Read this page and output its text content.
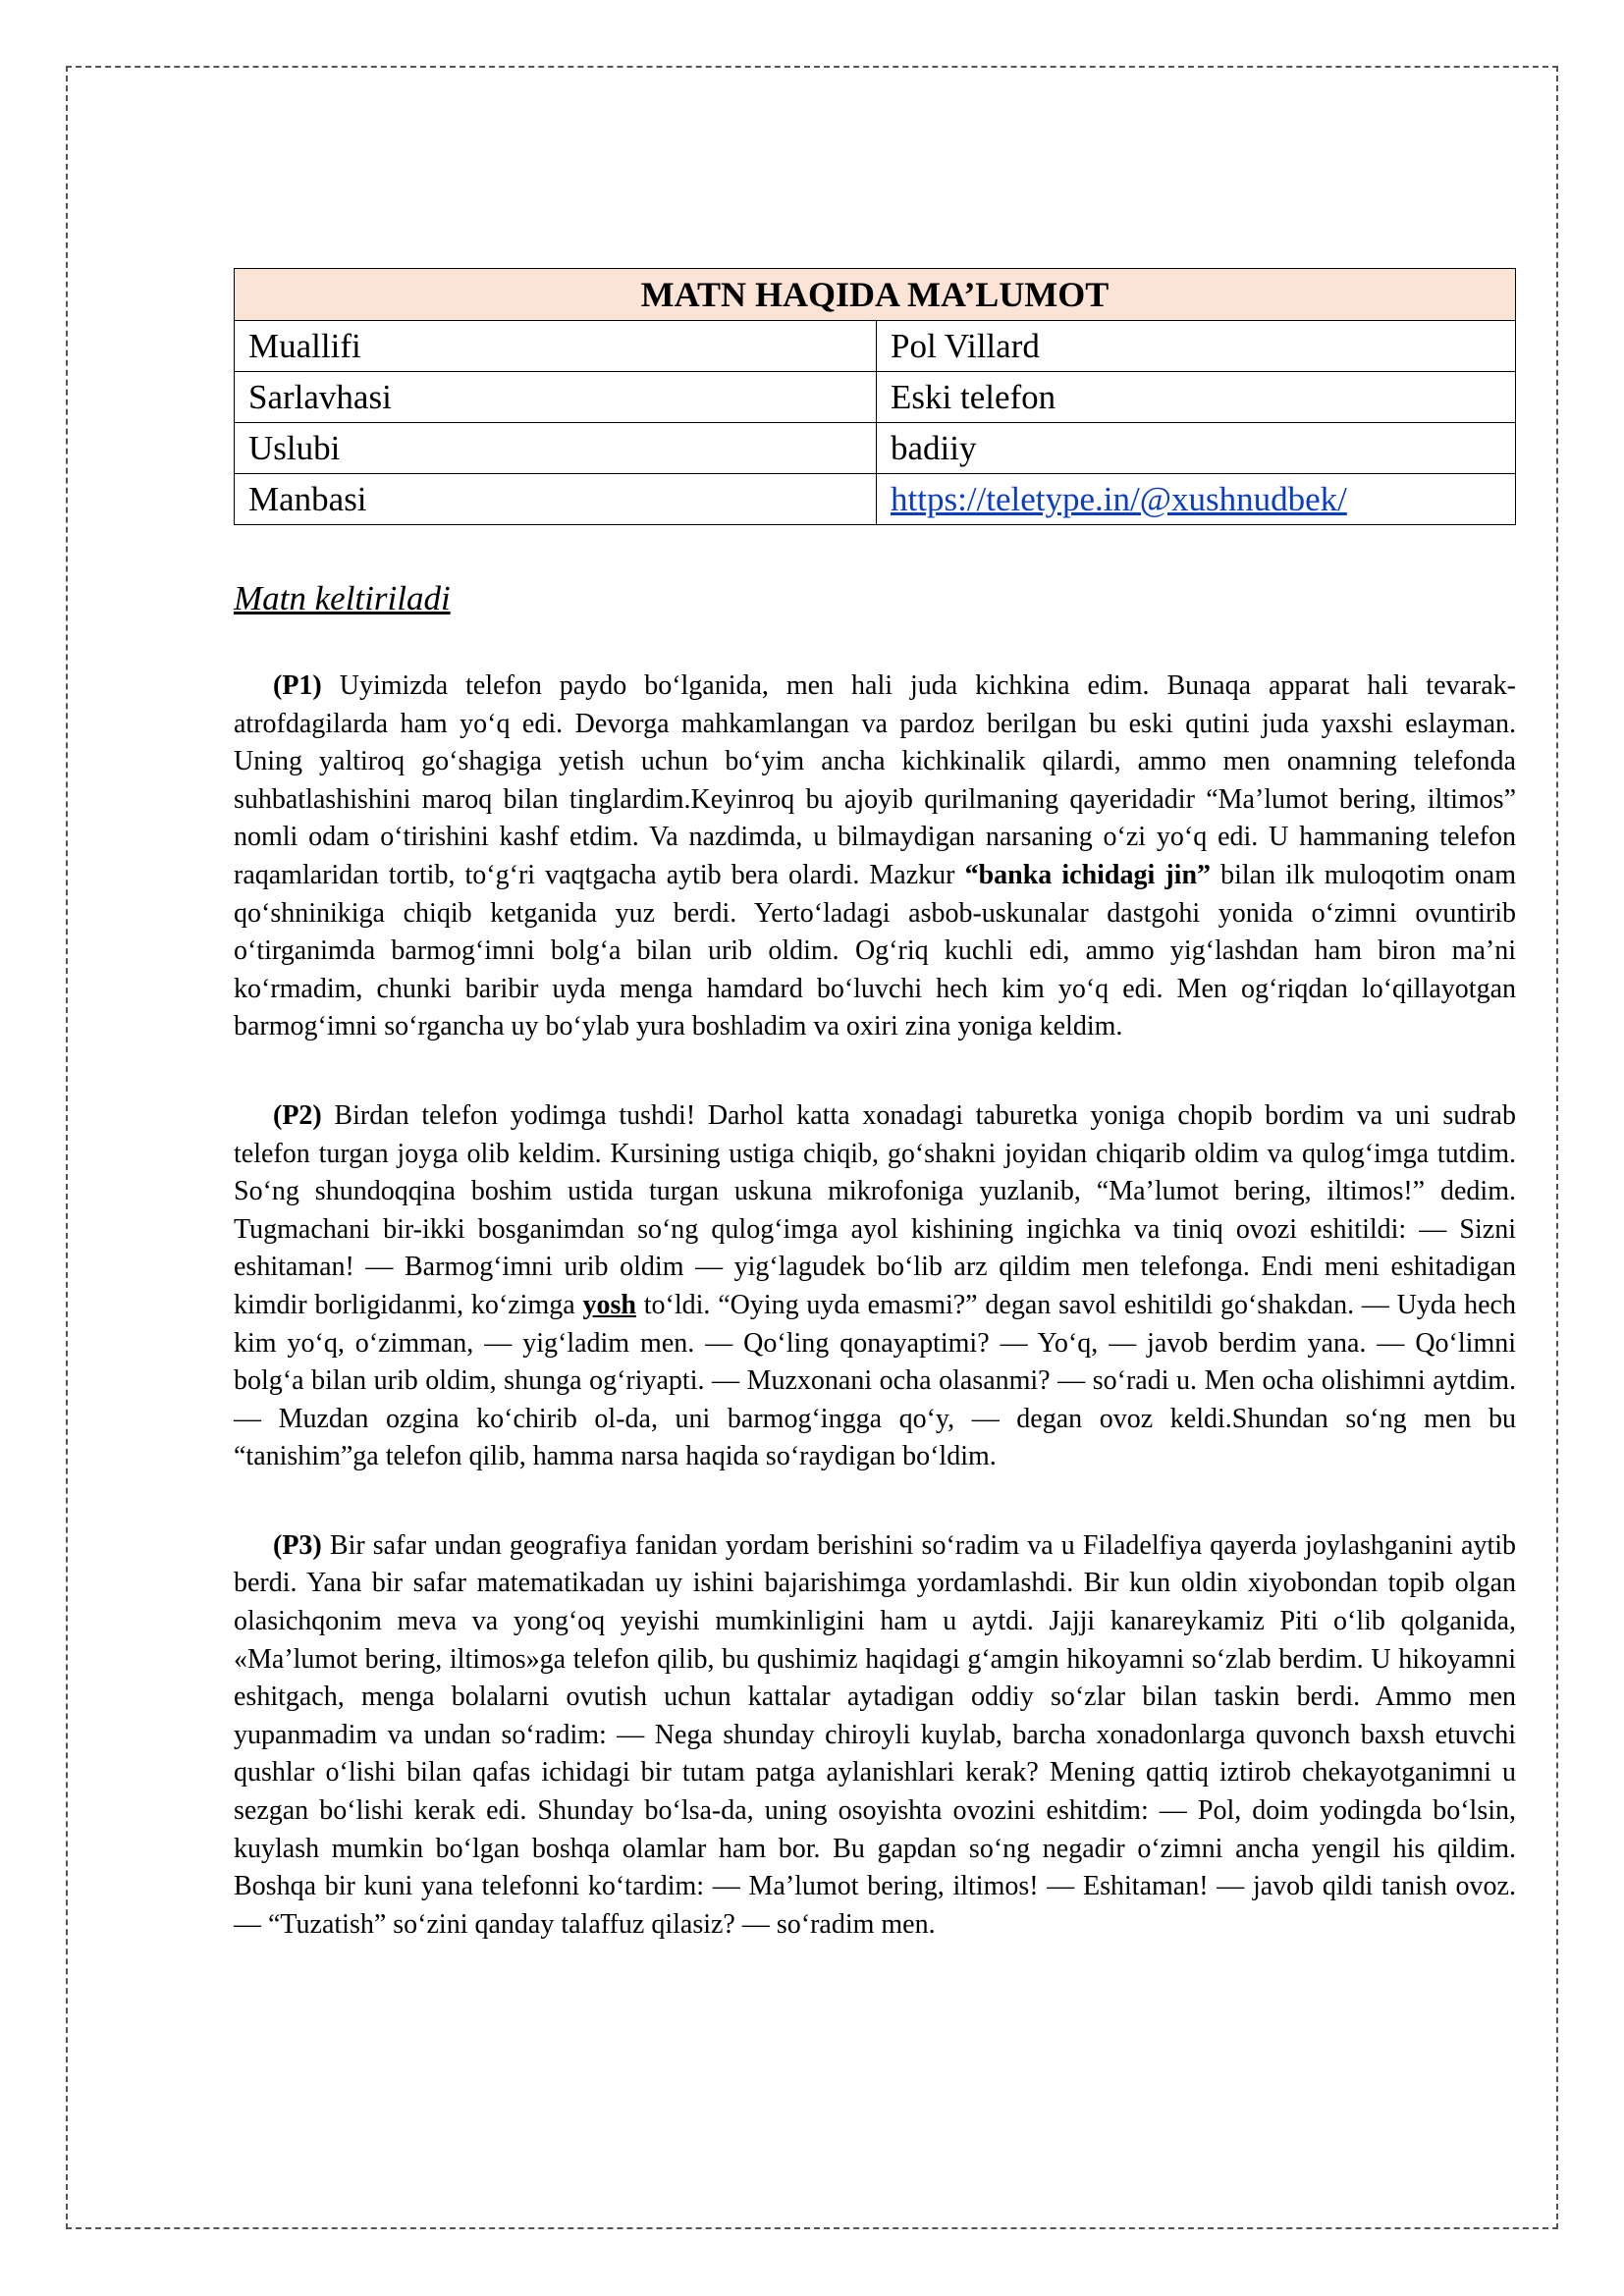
MATN HAQIDA MA’LUMOT	
Muallifi	Pol Villard
Sarlavhasi	Eski telefon
Uslubi	badiiy
Manbasi	https://teletype.in/@xushnudbek/
Matn keltiriladi

(P1) Uyimizda telefon paydo bo‘lganida, men hali juda kichkina edim. Bunaqa apparat hali tevarak-atrofdagilarda ham yo‘q edi. Devorga mahkamlangan va pardoz berilgan bu eski qutini juda yaxshi eslayman. Uning yaltiroq go‘shagiga yetish uchun bo‘yim ancha kichkinalik qilardi, ammo men onamning telefonda suhbatlashishini maroq bilan tinglardim.Keyinroq bu ajoyib qurilmaning qayeridadir “Ma’lumot bering, iltimos” nomli odam o‘tirishini kashf etdim. Va nazdimda, u bilmaydigan narsaning o‘zi yo‘q edi. U hammaning telefon raqamlaridan tortib, to‘g‘ri vaqtgacha aytib bera olardi. Mazkur “banka ichidagi jin” bilan ilk muloqotim onam qo‘shninikiga chiqib ketganida yuz berdi. Yerto‘ladagi asbob-uskunalar dastgohi yonida o‘zimni ovuntirib o‘tirganimda barmog‘imni bolg‘a bilan urib oldim. Og‘riq kuchli edi, ammo yig‘lashdan ham biron ma’ni ko‘rmadim, chunki baribir uyda menga hamdard bo‘luvchi hech kim yo‘q edi. Men og‘riqdan lo‘qillayotgan barmog‘imni so‘rgancha uy bo‘ylab yura boshladim va oxiri zina yoniga keldim.

(P2) Birdan telefon yodimga tushdi! Darhol katta xonadagi taburetka yoniga chopib bordim va uni sudrab telefon turgan joyga olib keldim. Kursining ustiga chiqib, go‘shakni joyidan chiqarib oldim va qulog‘imga tutdim. So‘ng shundoqqina boshim ustida turgan uskuna mikrofoniga yuzlanib, “Ma’lumot bering, iltimos!” dedim. Tugmachani bir-ikki bosganimdan so‘ng qulog‘imga ayol kishining ingichka va tiniq ovozi eshitildi: — Sizni eshitaman! — Barmog‘imni urib oldim — yig‘lagudek bo‘lib arz qildim men telefonga. Endi meni eshitadigan kimdir borligidanmi, ko‘zimga yosh to‘ldi. “Oying uyda emasmi?” degan savol eshitildi go‘shakdan. — Uyda hech kim yo‘q, o‘zimman, — yig‘ladim men. — Qo‘ling qonayaptimi? — Yo‘q, — javob berdim yana. — Qo‘limni bolg‘a bilan urib oldim, shunga og‘riyapti. — Muzxonani ocha olasanmi? — so‘radi u. Men ocha olishimni aytdim.— Muzdan ozgina ko‘chirib ol-da, uni barmog‘ingga qo‘y, — degan ovoz keldi.Shundan so‘ng men bu “tanishim”ga telefon qilib, hamma narsa haqida so‘raydigan bo‘ldim.

(P3) Bir safar undan geografiya fanidan yordam berishini so‘radim va u Filadelfiya qayerda joylashganini aytib berdi. Yana bir safar matematikadan uy ishini bajarishimga yordamlashdi. Bir kun oldin xiyobondan topib olgan olasichqonim meva va yong‘oq yeyishi mumkinligini ham u aytdi. Jajji kanareykamiz Piti o‘lib qolganida, «Ma’lumot bering, iltimos»ga telefon qilib, bu qushimiz haqidagi g‘amgin hikoyamni so‘zlab berdim. U hikoyamni eshitgach, menga bolalarni ovutish uchun kattalar aytadigan oddiy so‘zlar bilan taskin berdi. Ammo men yupanmadim va undan so‘radim: — Nega shunday chiroyli kuylab, barcha xonadonlarga quvonch baxsh etuvchi qushlar o‘lishi bilan qafas ichidagi bir tutam patga aylanishlari kerak? Mening qattiq iztirob chekayotganimni u sezgan bo‘lishi kerak edi. Shunday bo‘lsa-da, uning osoyishta ovozini eshitdim: — Pol, doim yodingda bo‘lsin, kuylash mumkin bo‘lgan boshqa olamlar ham bor. Bu gapdan so‘ng negadir o‘zimni ancha yengil his qildim. Boshqa bir kuni yana telefonni ko‘tardim: — Ma’lumot bering, iltimos! — Eshitaman! — javob qildi tanish ovoz. — “Tuzatish” so‘zini qanday talaffuz qilasiz? — so‘radim men.
